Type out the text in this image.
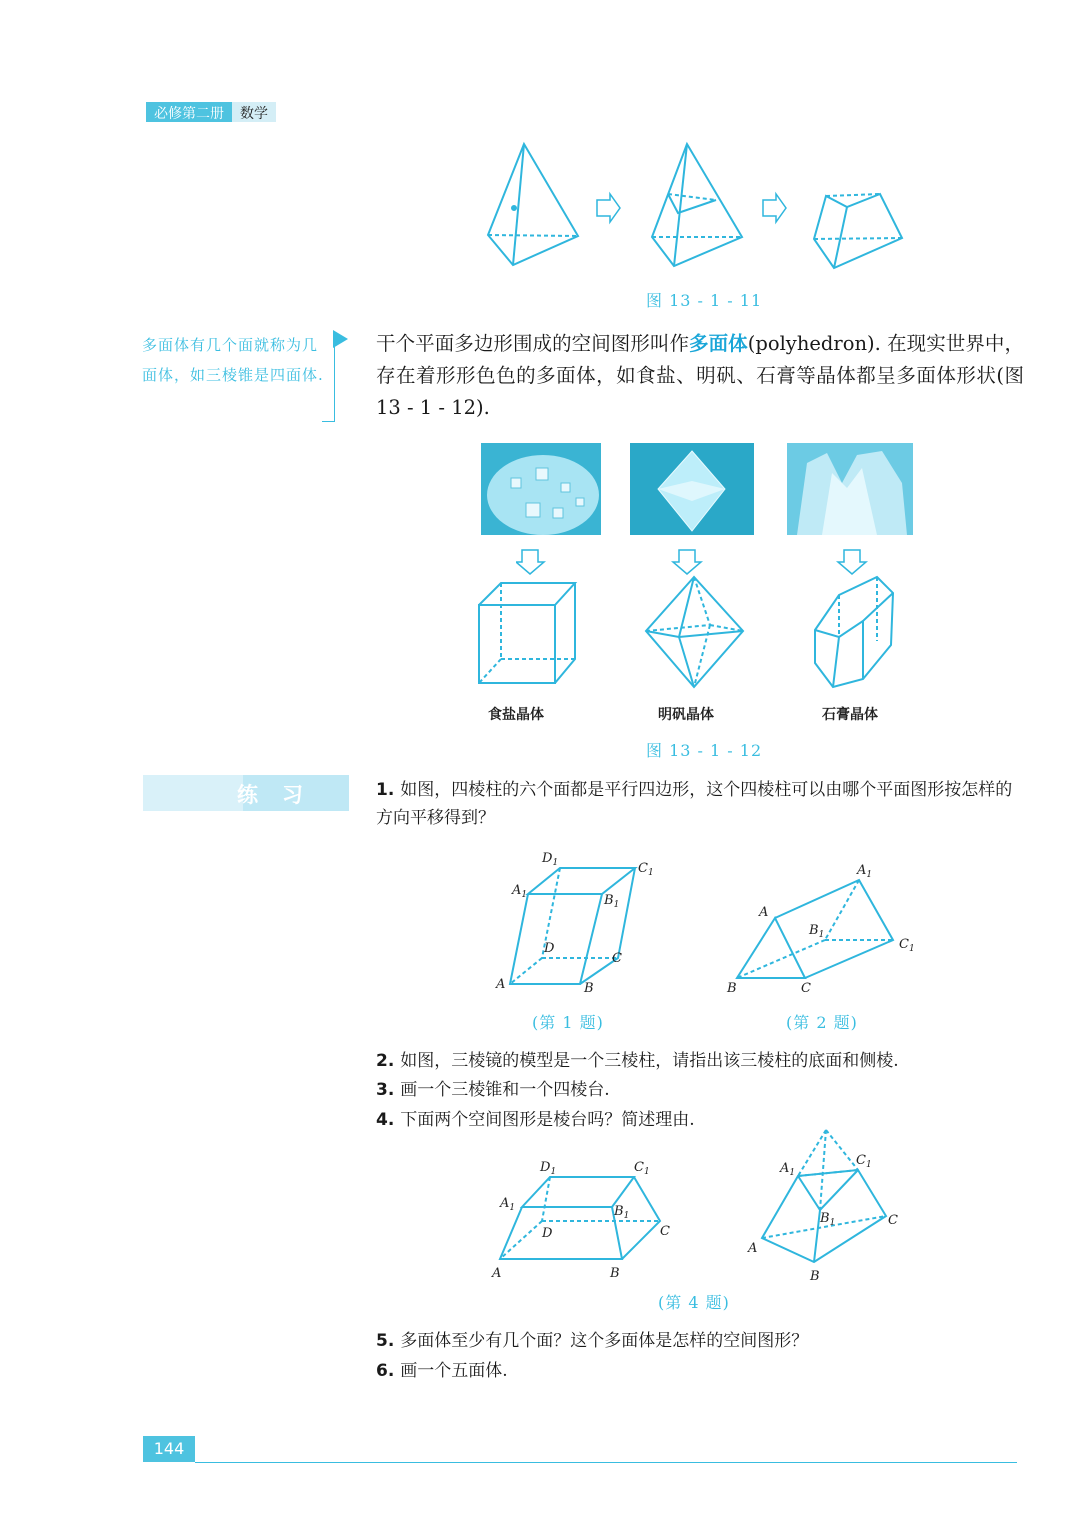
必修第二册	数学
图 13 - 1 - 11
多面体有几个面就称为几面体，如三棱锥是四面体.
干个平面多边形围成的空间图形叫作多面体(polyhedron). 在现实世界中，存在着形形色色的多面体，如食盐、明矾、石膏等晶体都呈多面体形状(图 13 - 1 - 12).
食盐晶体	明矾晶体	石膏晶体
图 13 - 1 - 12
练习	1. 如图，四棱柱的六个面都是平行四边形，这个四棱柱可以由哪个平面图形按怎样的方向平移得到？
$D_1$	$C_1$
$A_1$	$B_1$
D
C
A	B
$A_1$
A
$B_1$
$C_1$
B	C
(第 1 题)	(第 2 题)
2. 如图，三棱镜的模型是一个三棱柱，请指出该三棱柱的底面和侧棱.
3. 画一个三棱锥和一个四棱台.
4. 下面两个空间图形是棱台吗？简述理由.
$D_1$	$C_1$
$A_1$	$B_1$
D	C
A	B
$A_1$
$C_1$
$B_1$	C
A
B
(第 4 题)
5. 多面体至少有几个面？这个多面体是怎样的空间图形？
6. 画一个五面体.
144
